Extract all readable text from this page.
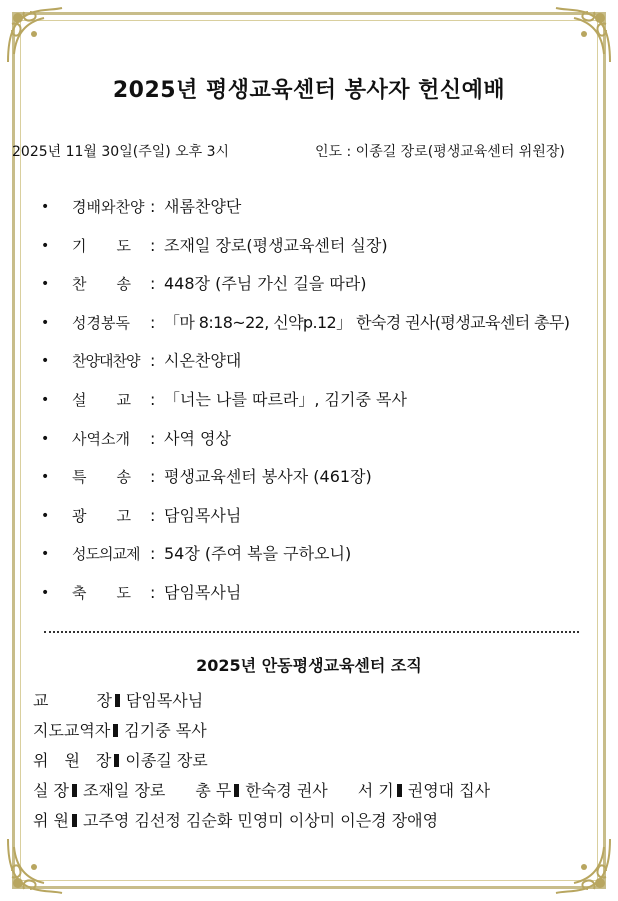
2025년 평생교육센터 봉사자 헌신예배
2025년 11월 30일(주일) 오후 3시	인도 : 이종길 장로(평생교육센터 위원장)
• 경배와찬양 : 새롬찬양단
• 기　　도 : 조재일 장로(평생교육센터 실장)
• 찬　　송 : 448장 (주님 가신 길을 따라)
• 성경봉독 : 「마 8:18~22, 신약p.12」 한숙경 권사(평생교육센터 총무)
• 찬양대찬양 : 시온찬양대
• 설　　교 : 「너는 나를 따르라」, 김기중 목사
• 사역소개 : 사역 영상
• 특　　송 : 평생교육센터 봉사자 (461장)
• 광　　고 : 담임목사님
• 성도의교제 : 54장 (주여 복을 구하오니)
• 축　　도 : 담임목사님
2025년 안동평생교육센터 조직
교　　　장 담임목사님
지도교역자 김기중 목사
위　원　장 이종길 장로
실 장 조재일 장로 총 무 한숙경 권사 서 기 권영대 집사
위 원 고주영 김선정 김순화 민영미 이상미 이은경 장애영
